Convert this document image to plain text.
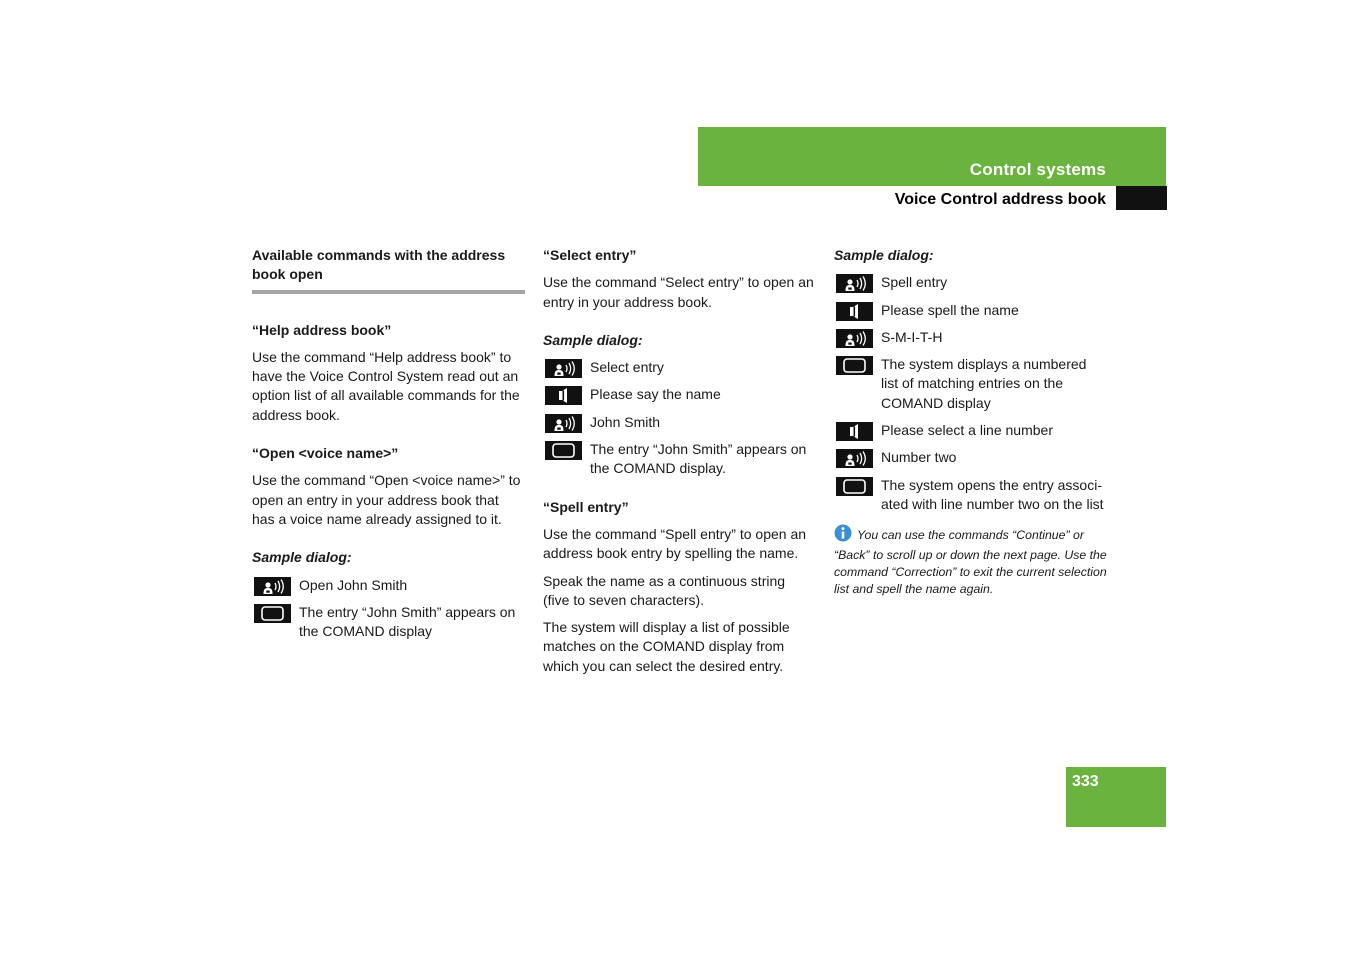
Control systems
Voice Control address book
Available commands with the address book open
“Help address book”

Use the command “Help address book” to have the Voice Control System read out an option list of all available commands for the address book.

“Open <voice name>”

Use the command “Open <voice name>” to open an entry in your address book that has a voice name already assigned to it.

Sample dialog:
Open John Smith
The entry “John Smith” appears on the COMAND display
“Select entry”

Use the command “Select entry” to open an entry in your address book.

Sample dialog:
Select entry
Please say the name
John Smith
The entry “John Smith” appears on the COMAND display.
“Spell entry”

Use the command “Spell entry” to open an address book entry by spelling the name.

Speak the name as a continuous string (five to seven characters).

The system will display a list of possible matches on the COMAND display from which you can select the desired entry.

Sample dialog:
Spell entry
Please spell the name
S-M-I-T-H
The system displays a numbered list of matching entries on the COMAND display
Please select a line number
Number two
The system opens the entry associ-ated with line number two on the list
You can use the commands “Continue” or “Back” to scroll up or down the next page. Use the command “Correction” to exit the current selection list and spell the name again.
333
